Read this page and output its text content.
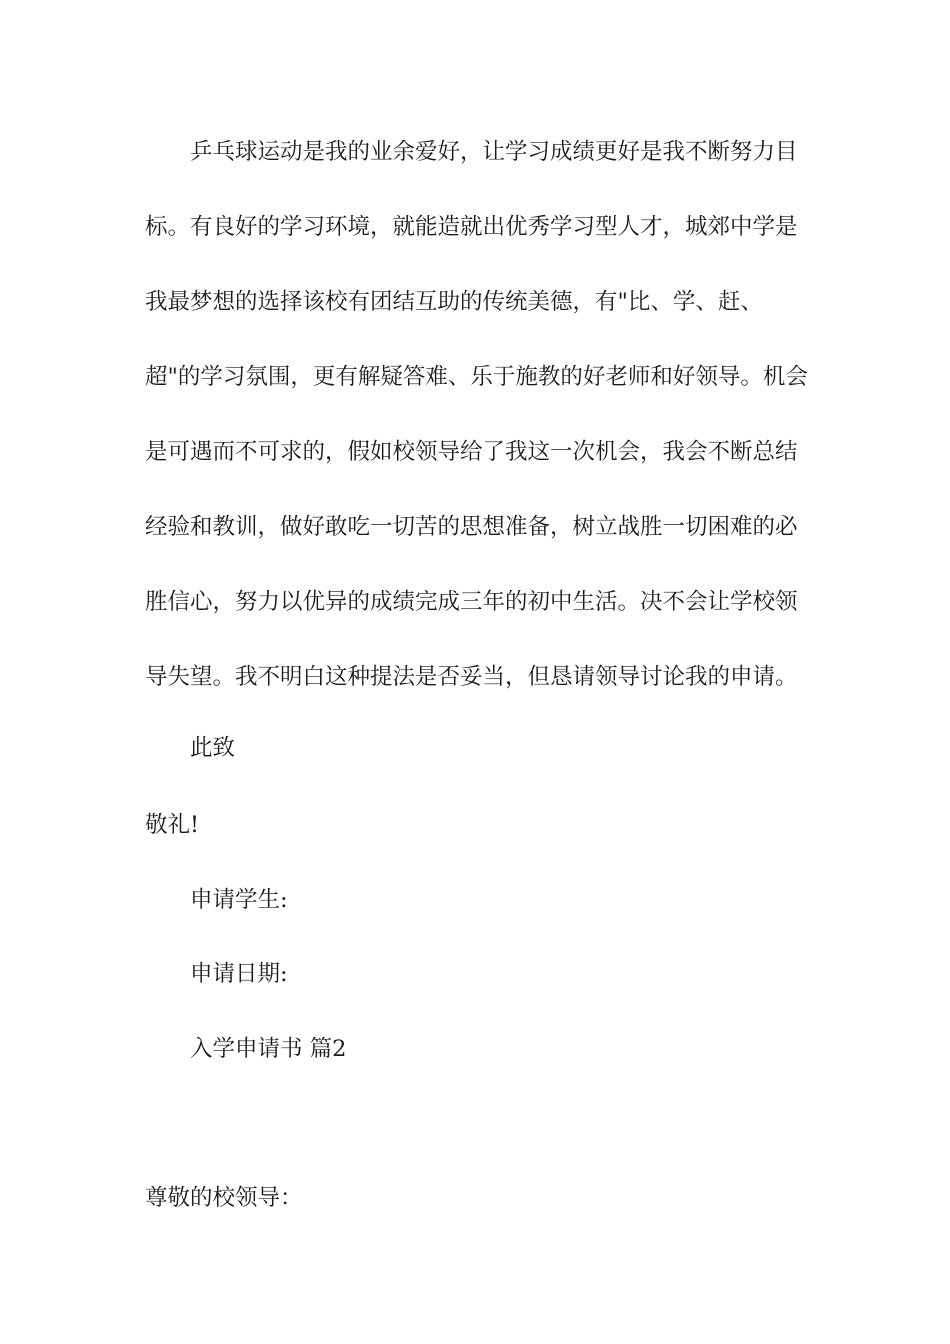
乒乓球运动是我的业余爱好，让学习成绩更好是我不断努力目标。有良好的学习环境，就能造就出优秀学习型人才，城郊中学是我最梦想的选择该校有团结互助的传统美德，有"比、学、赶、超"的学习氛围，更有解疑答难、乐于施教的好老师和好领导。机会是可遇而不可求的，假如校领导给了我这一次机会，我会不断总结经验和教训，做好敢吃一切苦的思想准备，树立战胜一切困难的必胜信心，努力以优异的成绩完成三年的初中生活。决不会让学校领导失望。我不明白这种提法是否妥当，但恳请领导讨论我的申请。

此致

敬礼!

申请学生:

申请日期:

入学申请书 篇2

尊敬的校领导：
